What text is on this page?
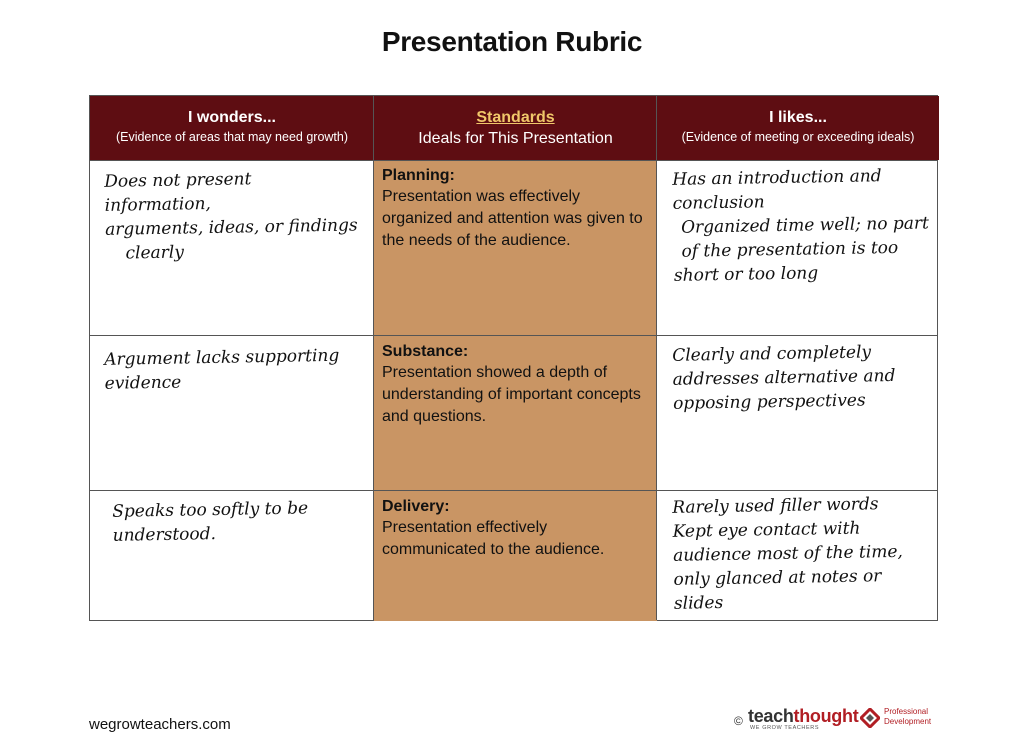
Presentation Rubric
I wonders...
(Evidence of areas that may need growth)
Standards
Ideals for This Presentation
I likes...
(Evidence of meeting or exceeding ideals)
Does not present information,
arguments, ideas, or findings
clearly
Planning:
Presentation was effectively organized and attention was given to the needs of the audience.
Has an introduction and
conclusion
Organized time well; no part
of the presentation is too
short or too long
Argument lacks supporting
evidence
Substance:
Presentation showed a depth of understanding of important concepts and questions.
Clearly and completely
addresses alternative and
opposing perspectives
Speaks too softly to be
understood.
Delivery:
Presentation effectively communicated to the audience.
Rarely used filler words
Kept eye contact with
audience most of the time,
only glanced at notes or slides
wegrowteachers.com	© teachthought
WE GROW TEACHERS
Professional
Development
